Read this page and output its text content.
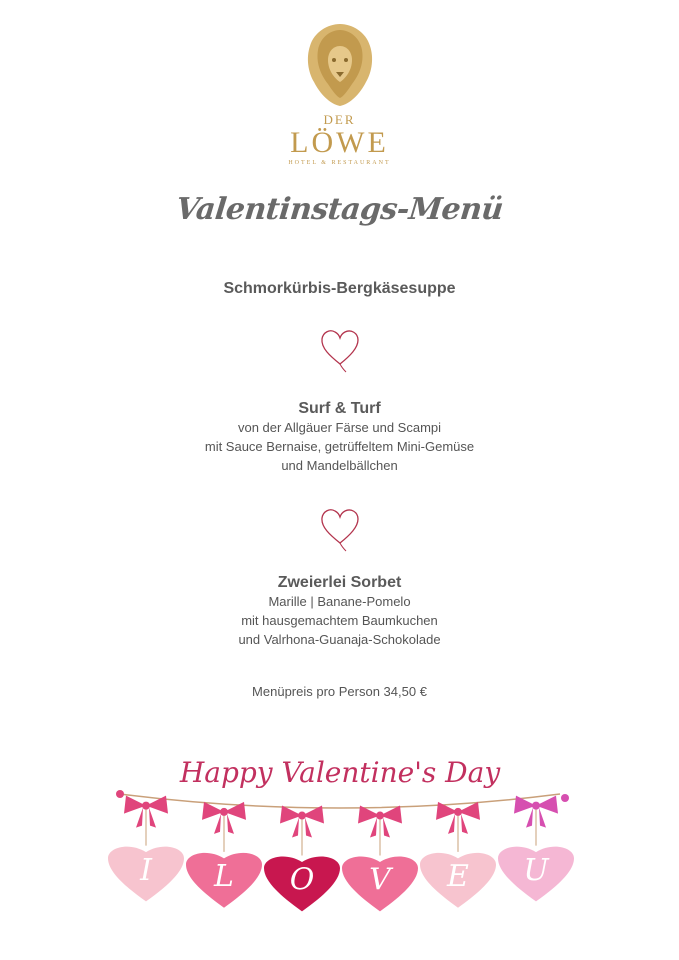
DER
LÖWE
HOTEL & RESTAURANT
Valentinstags-Menü
Schmorkürbis-Bergkäsesuppe
Surf & Turf
von der Allgäuer Färse und Scampi
mit Sauce Bernaise, getrüffeltem Mini-Gemüse
und Mandelbällchen
Zweierlei Sorbet
Marille | Banane-Pomelo
mit hausgemachtem Baumkuchen
und Valrhona-Guanaja-Schokolade
Menüpreis pro Person 34,50 €
Happy Valentine's Day
I L O V E U
